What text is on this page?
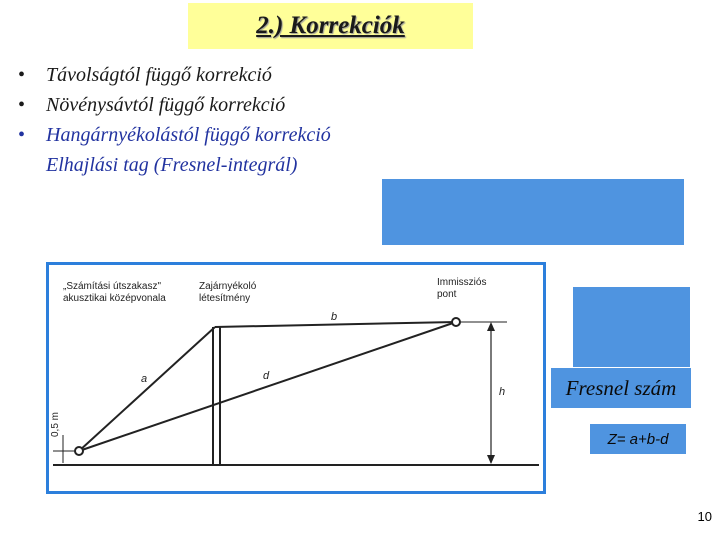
2.) Korrekciók
•	Távolságtól függő korrekció
•	Növénysávtól függő korrekció
•	Hangárnyékolástól függő korrekció
Elhajlási tag (Fresnel-integrál)
Fresnel szám
Z= a+b-d
„Számítási útszakasz"
akusztikai középvonala
Zajárnyékoló
létesítmény
Immissziós
pont
b
a	d
h
0,5 m
10
